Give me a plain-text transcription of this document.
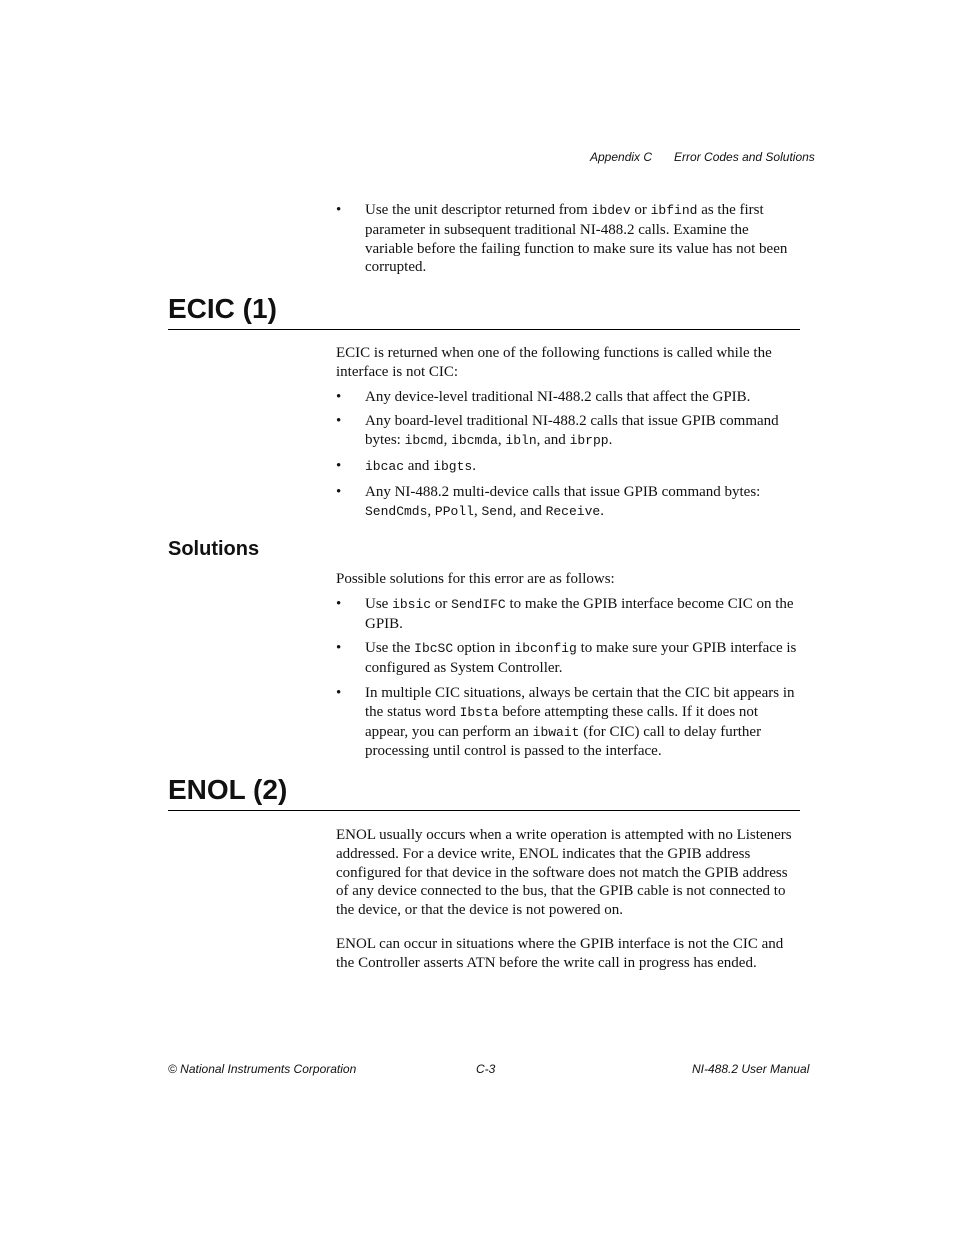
Appendix C Error Codes and Solutions
• Use the unit descriptor returned from ibdev or ibfind as the first parameter in subsequent traditional NI-488.2 calls. Examine the variable before the failing function to make sure its value has not been corrupted.
ECIC (1)

ECIC is returned when one of the following functions is called while the interface is not CIC:

• Any device-level traditional NI-488.2 calls that affect the GPIB.
• Any board-level traditional NI-488.2 calls that issue GPIB command bytes: ibcmd, ibcmda, ibln, and ibrpp.
• ibcac and ibgts.
• Any NI-488.2 multi-device calls that issue GPIB command bytes: SendCmds, PPoll, Send, and Receive.
Solutions

Possible solutions for this error are as follows:

• Use ibsic or SendIFC to make the GPIB interface become CIC on the GPIB.
• Use the IbcSC option in ibconfig to make sure your GPIB interface is configured as System Controller.
• In multiple CIC situations, always be certain that the CIC bit appears in the status word Ibsta before attempting these calls. If it does not appear, you can perform an ibwait (for CIC) call to delay further processing until control is passed to the interface.
ENOL (2)

ENOL usually occurs when a write operation is attempted with no Listeners addressed. For a device write, ENOL indicates that the GPIB address configured for that device in the software does not match the GPIB address of any device connected to the bus, that the GPIB cable is not connected to the device, or that the device is not powered on.

ENOL can occur in situations where the GPIB interface is not the CIC and the Controller asserts ATN before the write call in progress has ended.

© National Instruments Corporation	C-3	NI-488.2 User Manual
